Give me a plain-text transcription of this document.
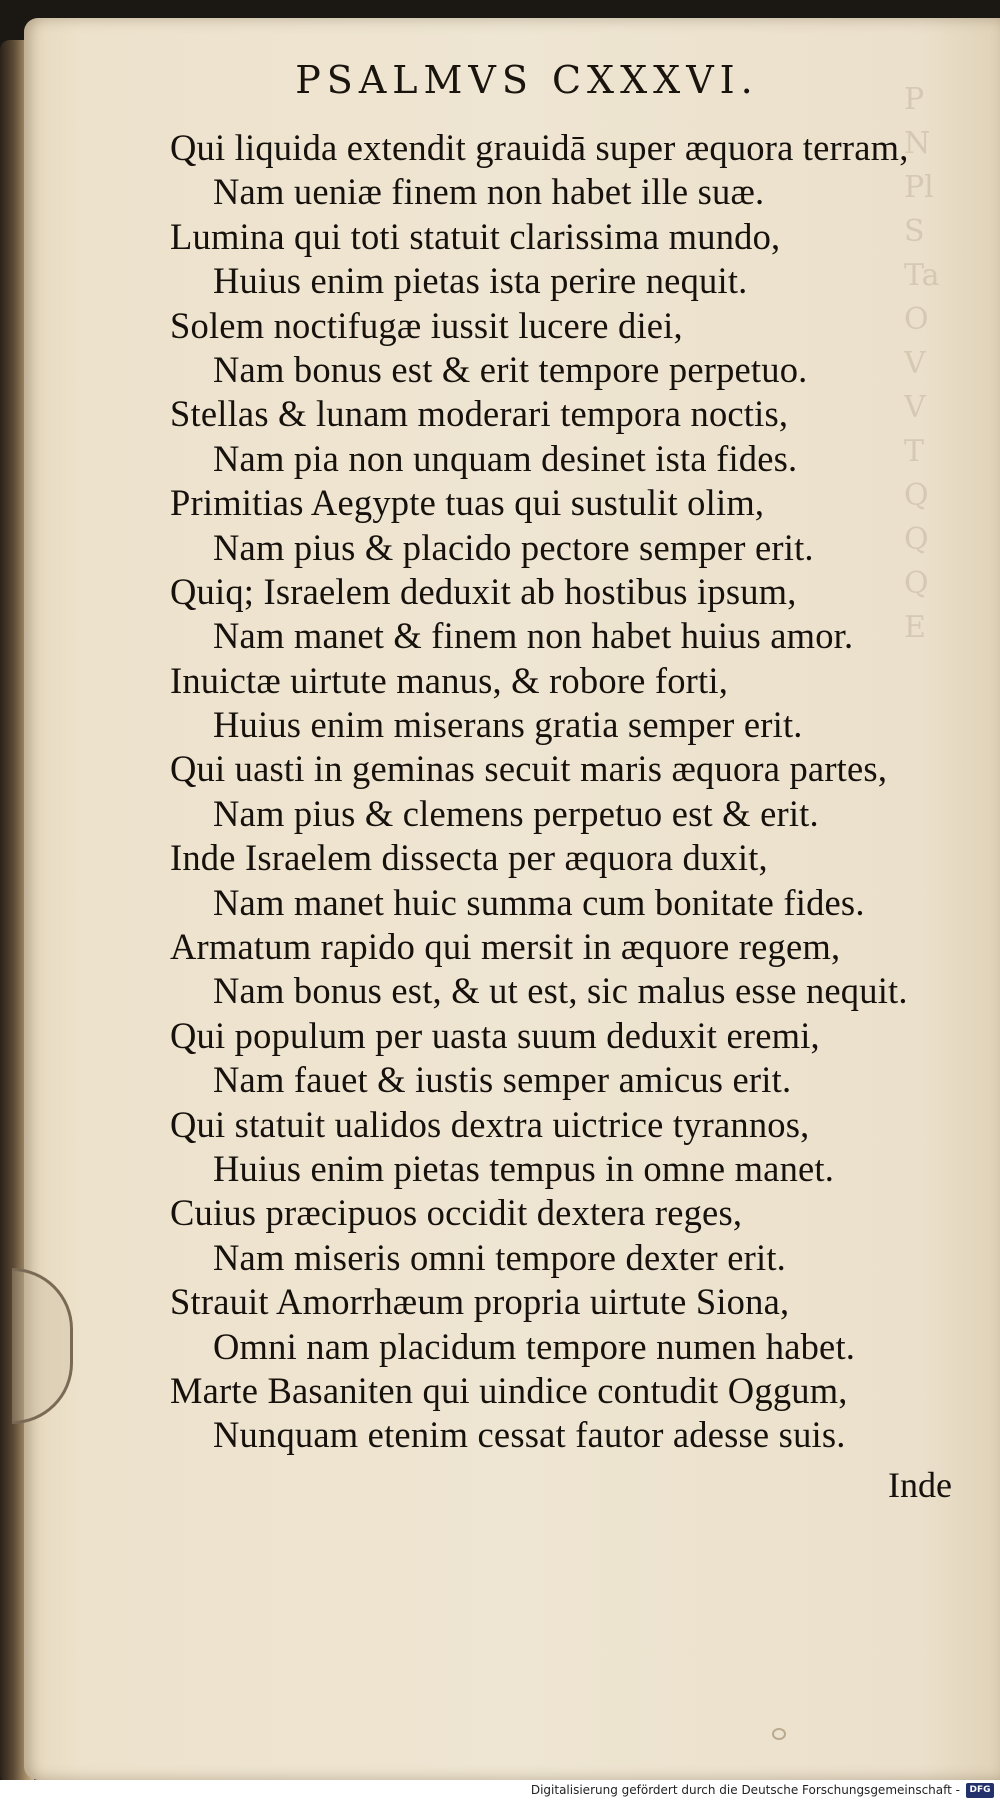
P
N
Pl
S
Ta
O
V
V
T
Q
Q
Q
E
PSALMVS CXXXVI.
Qui liquida extendit grauidā super æquora terram,
Nam ueniæ finem non habet ille suæ.
Lumina qui toti statuit clarissima mundo,
Huius enim pietas ista perire nequit.
Solem noctifugæ iussit lucere diei,
Nam bonus est & erit tempore perpetuo.
Stellas & lunam moderari tempora noctis,
Nam pia non unquam desinet ista fides.
Primitias Aegypte tuas qui sustulit olim,
Nam pius & placido pectore semper erit.
Quiq; Israelem deduxit ab hostibus ipsum,
Nam manet & finem non habet huius amor.
Inuictæ uirtute manus, & robore forti,
Huius enim miserans gratia semper erit.
Qui uasti in geminas secuit maris æquora partes,
Nam pius & clemens perpetuo est & erit.
Inde Israelem dissecta per æquora duxit,
Nam manet huic summa cum bonitate fides.
Armatum rapido qui mersit in æquore regem,
Nam bonus est, & ut est, sic malus esse nequit.
Qui populum per uasta suum deduxit eremi,
Nam fauet & iustis semper amicus erit.
Qui statuit ualidos dextra uictrice tyrannos,
Huius enim pietas tempus in omne manet.
Cuius præcipuos occidit dextera reges,
Nam miseris omni tempore dexter erit.
Strauit Amorrhæum propria uirtute Siona,
Omni nam placidum tempore numen habet.
Marte Basaniten qui uindice contudit Oggum,
Nunquam etenim cessat fautor adesse suis.
Inde
Digitalisierung gefördert durch die Deutsche Forschungsgemeinschaft -	DFG
